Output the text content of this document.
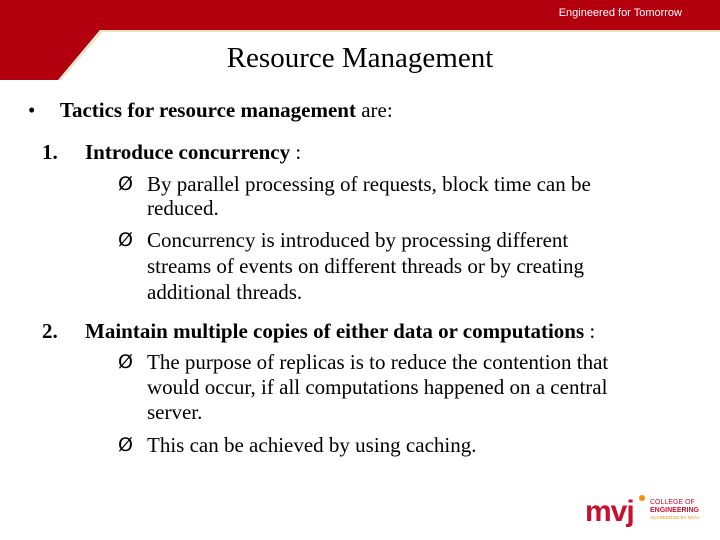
Engineered for Tomorrow
Resource Management
• Tactics for resource management are:
1. Introduce concurrency :
Ø By parallel processing of requests, block time can be
reduced.
Ø Concurrency is introduced by processing different
streams of events on different threads or by creating
additional threads.
2. Maintain multiple copies of either data or computations :
Ø The purpose of replicas is to reduce the contention that
would occur, if all computations happened on a central
server.
Ø This can be achieved by using caching.
mvj COLLEGE OF
ENGINEERING
ACCREDITED BY NAAC
